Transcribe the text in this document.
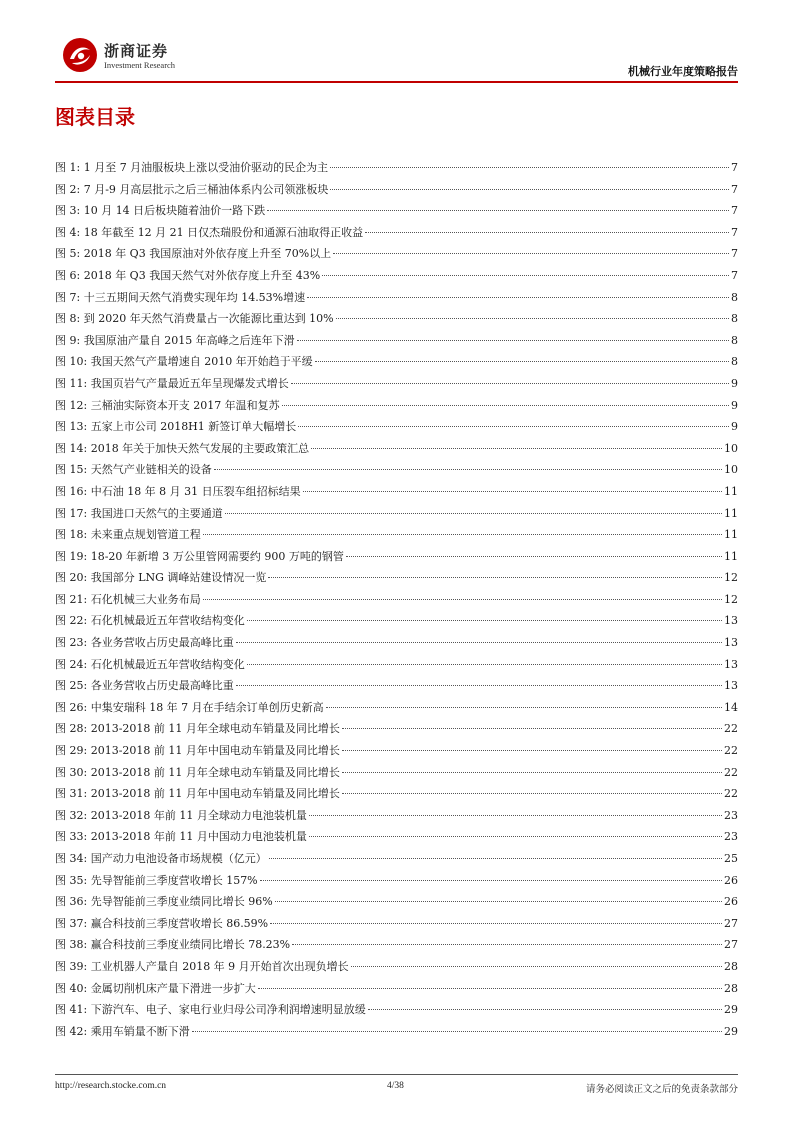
浙商证券
Investment Research	机械行业年度策略报告
图表目录
图 1: 1 月至 7 月油服板块上涨以受油价驱动的民企为主	7
图 2: 7 月-9 月高层批示之后三桶油体系内公司领涨板块	7
图 3: 10 月 14 日后板块随着油价一路下跌	7
图 4: 18 年截至 12 月 21 日仅杰瑞股份和通源石油取得正收益	7
图 5: 2018 年 Q3 我国原油对外依存度上升至 70%以上	7
图 6: 2018 年 Q3 我国天然气对外依存度上升至 43%	7
图 7: 十三五期间天然气消费实现年均 14.53%增速	8
图 8: 到 2020 年天然气消费量占一次能源比重达到 10%	8
图 9: 我国原油产量自 2015 年高峰之后连年下滑	8
图 10: 我国天然气产量增速自 2010 年开始趋于平缓	8
图 11: 我国页岩气产量最近五年呈现爆发式增长	9
图 12: 三桶油实际资本开支 2017 年温和复苏	9
图 13: 五家上市公司 2018H1 新签订单大幅增长	9
图 14: 2018 年关于加快天然气发展的主要政策汇总	10
图 15: 天然气产业链相关的设备	10
图 16: 中石油 18 年 8 月 31 日压裂车组招标结果	11
图 17: 我国进口天然气的主要通道	11
图 18: 未来重点规划管道工程	11
图 19: 18-20 年新增 3 万公里管网需要约 900 万吨的钢管	11
图 20: 我国部分 LNG 调峰站建设情况一览	12
图 21: 石化机械三大业务布局	12
图 22: 石化机械最近五年营收结构变化	13
图 23: 各业务营收占历史最高峰比重	13
图 24: 石化机械最近五年营收结构变化	13
图 25: 各业务营收占历史最高峰比重	13
图 26: 中集安瑞科 18 年 7 月在手结余订单创历史新高	14
图 28: 2013-2018 前 11 月年全球电动车销量及同比增长	22
图 29: 2013-2018 前 11 月年中国电动车销量及同比增长	22
图 30: 2013-2018 前 11 月年全球电动车销量及同比增长	22
图 31: 2013-2018 前 11 月年中国电动车销量及同比增长	22
图 32: 2013-2018 年前 11 月全球动力电池装机量	23
图 33: 2013-2018 年前 11 月中国动力电池装机量	23
图 34: 国产动力电池设备市场规模（亿元）	25
图 35: 先导智能前三季度营收增长 157%	26
图 36: 先导智能前三季度业绩同比增长 96%	26
图 37: 赢合科技前三季度营收增长 86.59%	27
图 38: 赢合科技前三季度业绩同比增长 78.23%	27
图 39: 工业机器人产量自 2018 年 9 月开始首次出现负增长	28
图 40: 金属切削机床产量下滑进一步扩大	28
图 41: 下游汽车、电子、家电行业归母公司净利润增速明显放缓	29
图 42: 乘用车销量不断下滑	29
http://research.stocke.com.cn	4/38	请务必阅读正文之后的免责条款部分
